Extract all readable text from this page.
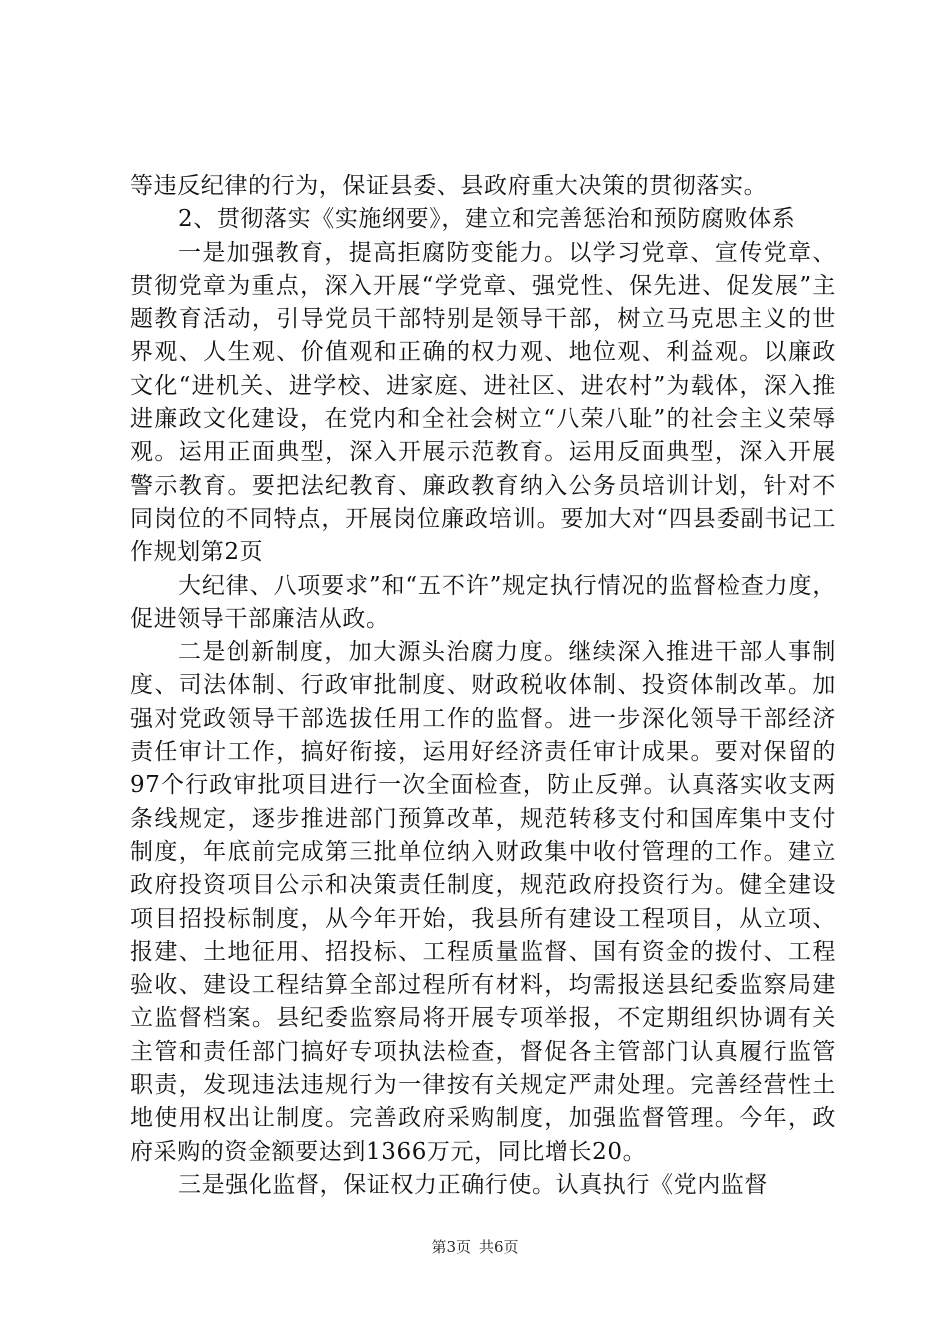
等违反纪律的行为，保证县委、县政府重大决策的贯彻落实。

2、贯彻落实《实施纲要》，建立和完善惩治和预防腐败体系

一是加强教育，提高拒腐防变能力。以学习党章、宣传党章、贯彻党章为重点，深入开展“学党章、强党性、保先进、促发展”主题教育活动，引导党员干部特别是领导干部，树立马克思主义的世界观、人生观、价值观和正确的权力观、地位观、利益观。以廉政文化“进机关、进学校、进家庭、进社区、进农村”为载体，深入推进廉政文化建设，在党内和全社会树立“八荣八耻”的社会主义荣辱观。运用正面典型，深入开展示范教育。运用反面典型，深入开展警示教育。要把法纪教育、廉政教育纳入公务员培训计划，针对不同岗位的不同特点，开展岗位廉政培训。要加大对“四县委副书记工作规划第2页

大纪律、八项要求”和“五不许”规定执行情况的监督检查力度，促进领导干部廉洁从政。

二是创新制度，加大源头治腐力度。继续深入推进干部人事制度、司法体制、行政审批制度、财政税收体制、投资体制改革。加强对党政领导干部选拔任用工作的监督。进一步深化领导干部经济责任审计工作，搞好衔接，运用好经济责任审计成果。要对保留的97个行政审批项目进行一次全面检查，防止反弹。认真落实收支两条线规定，逐步推进部门预算改革，规范转移支付和国库集中支付制度，年底前完成第三批单位纳入财政集中收付管理的工作。建立政府投资项目公示和决策责任制度，规范政府投资行为。健全建设项目招投标制度，从今年开始，我县所有建设工程项目，从立项、报建、土地征用、招投标、工程质量监督、国有资金的拨付、工程验收、建设工程结算全部过程所有材料，均需报送县纪委监察局建立监督档案。县纪委监察局将开展专项举报，不定期组织协调有关主管和责任部门搞好专项执法检查，督促各主管部门认真履行监管职责，发现违法违规行为一律按有关规定严肃处理。完善经营性土地使用权出让制度。完善政府采购制度，加强监督管理。今年，政府采购的资金额要达到1366万元，同比增长20。

三是强化监督，保证权力正确行使。认真执行《党内监督

第3页 共6页
